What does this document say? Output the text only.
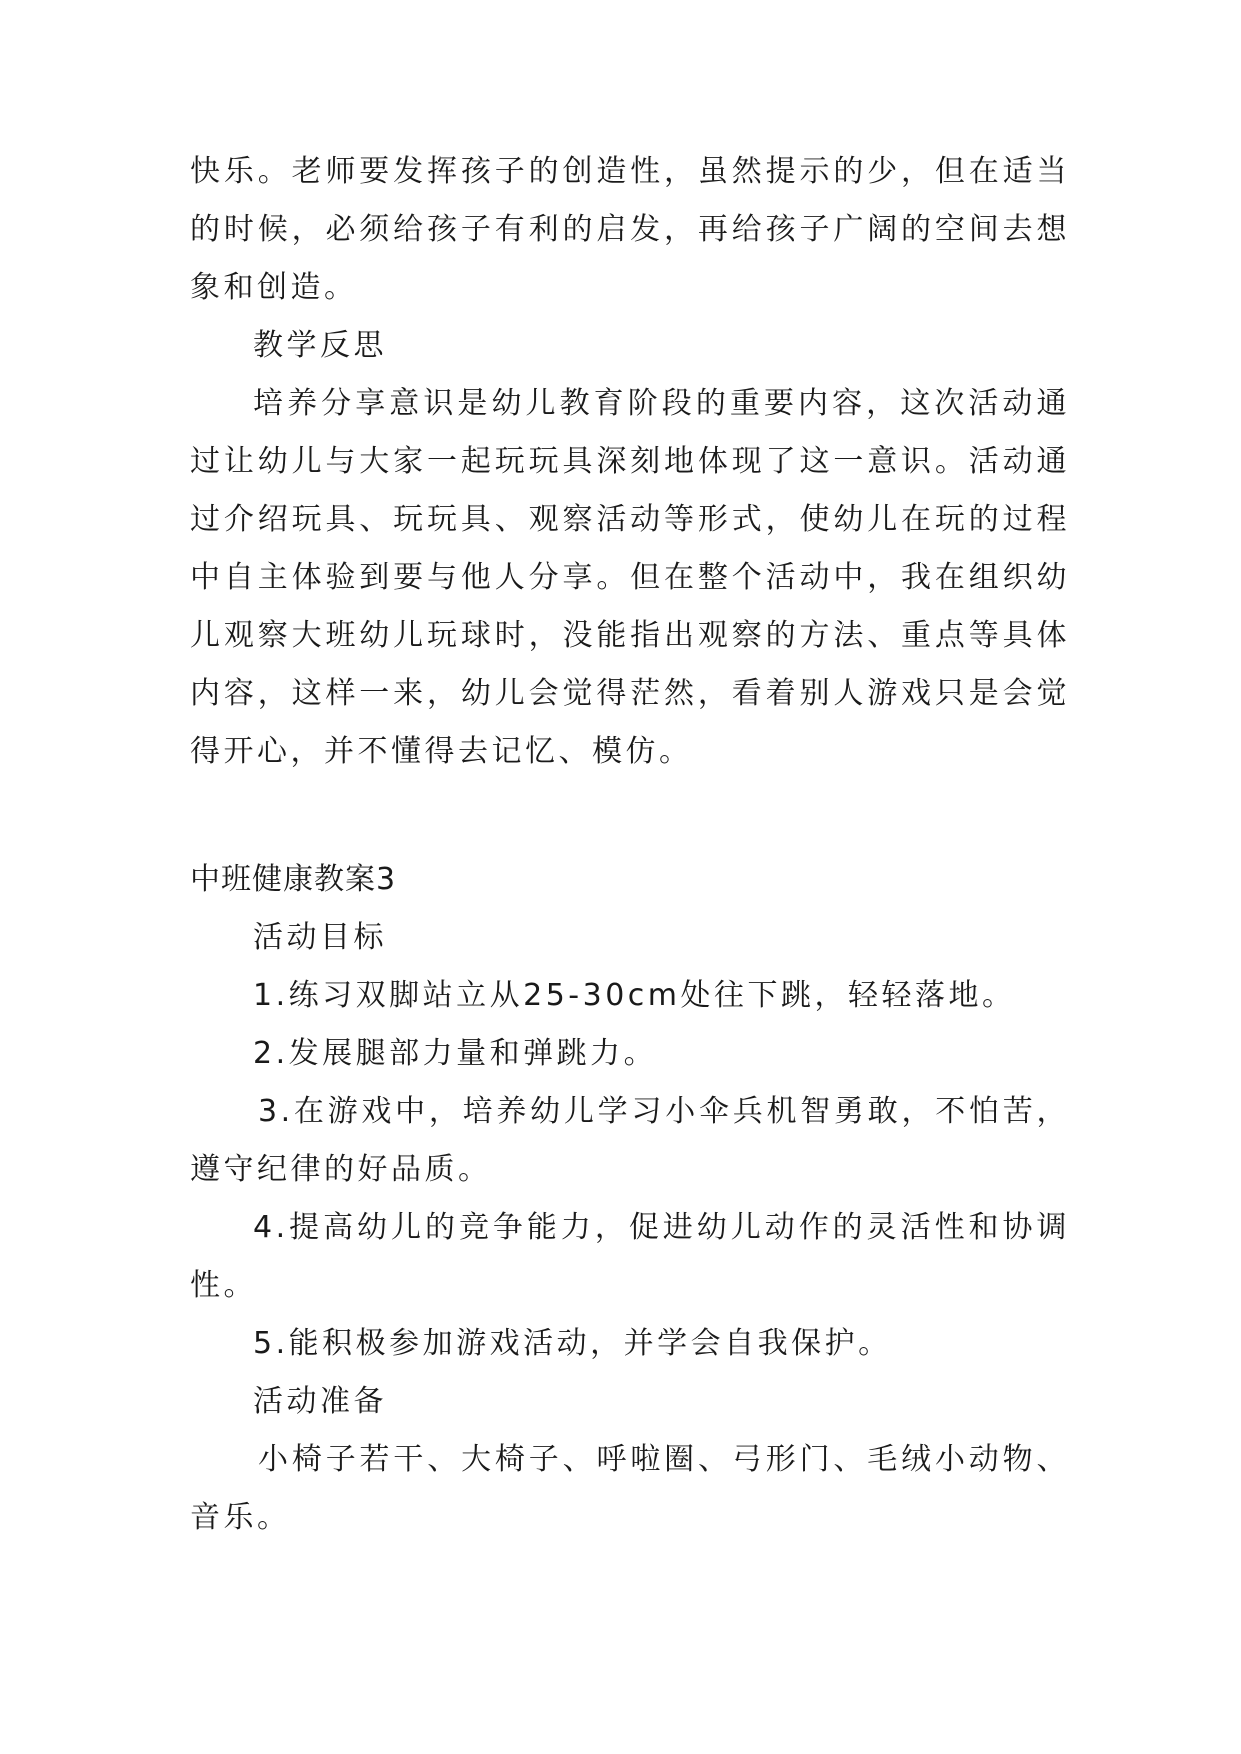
快乐。老师要发挥孩子的创造性，虽然提示的少，但在适当
的时候，必须给孩子有利的启发，再给孩子广阔的空间去想
象和创造。
教学反思
培养分享意识是幼儿教育阶段的重要内容，这次活动通
过让幼儿与大家一起玩玩具深刻地体现了这一意识。活动通
过介绍玩具、玩玩具、观察活动等形式，使幼儿在玩的过程
中自主体验到要与他人分享。但在整个活动中，我在组织幼
儿观察大班幼儿玩球时，没能指出观察的方法、重点等具体
内容，这样一来，幼儿会觉得茫然，看着别人游戏只是会觉
得开心，并不懂得去记忆、模仿。
中班健康教案3
活动目标
1.练习双脚站立从25-30cm处往下跳，轻轻落地。
2.发展腿部力量和弹跳力。
3.在游戏中，培养幼儿学习小伞兵机智勇敢，不怕苦，
遵守纪律的好品质。
4.提高幼儿的竞争能力，促进幼儿动作的灵活性和协调
性。
5.能积极参加游戏活动，并学会自我保护。
活动准备
小椅子若干、大椅子、呼啦圈、弓形门、毛绒小动物、
音乐。
